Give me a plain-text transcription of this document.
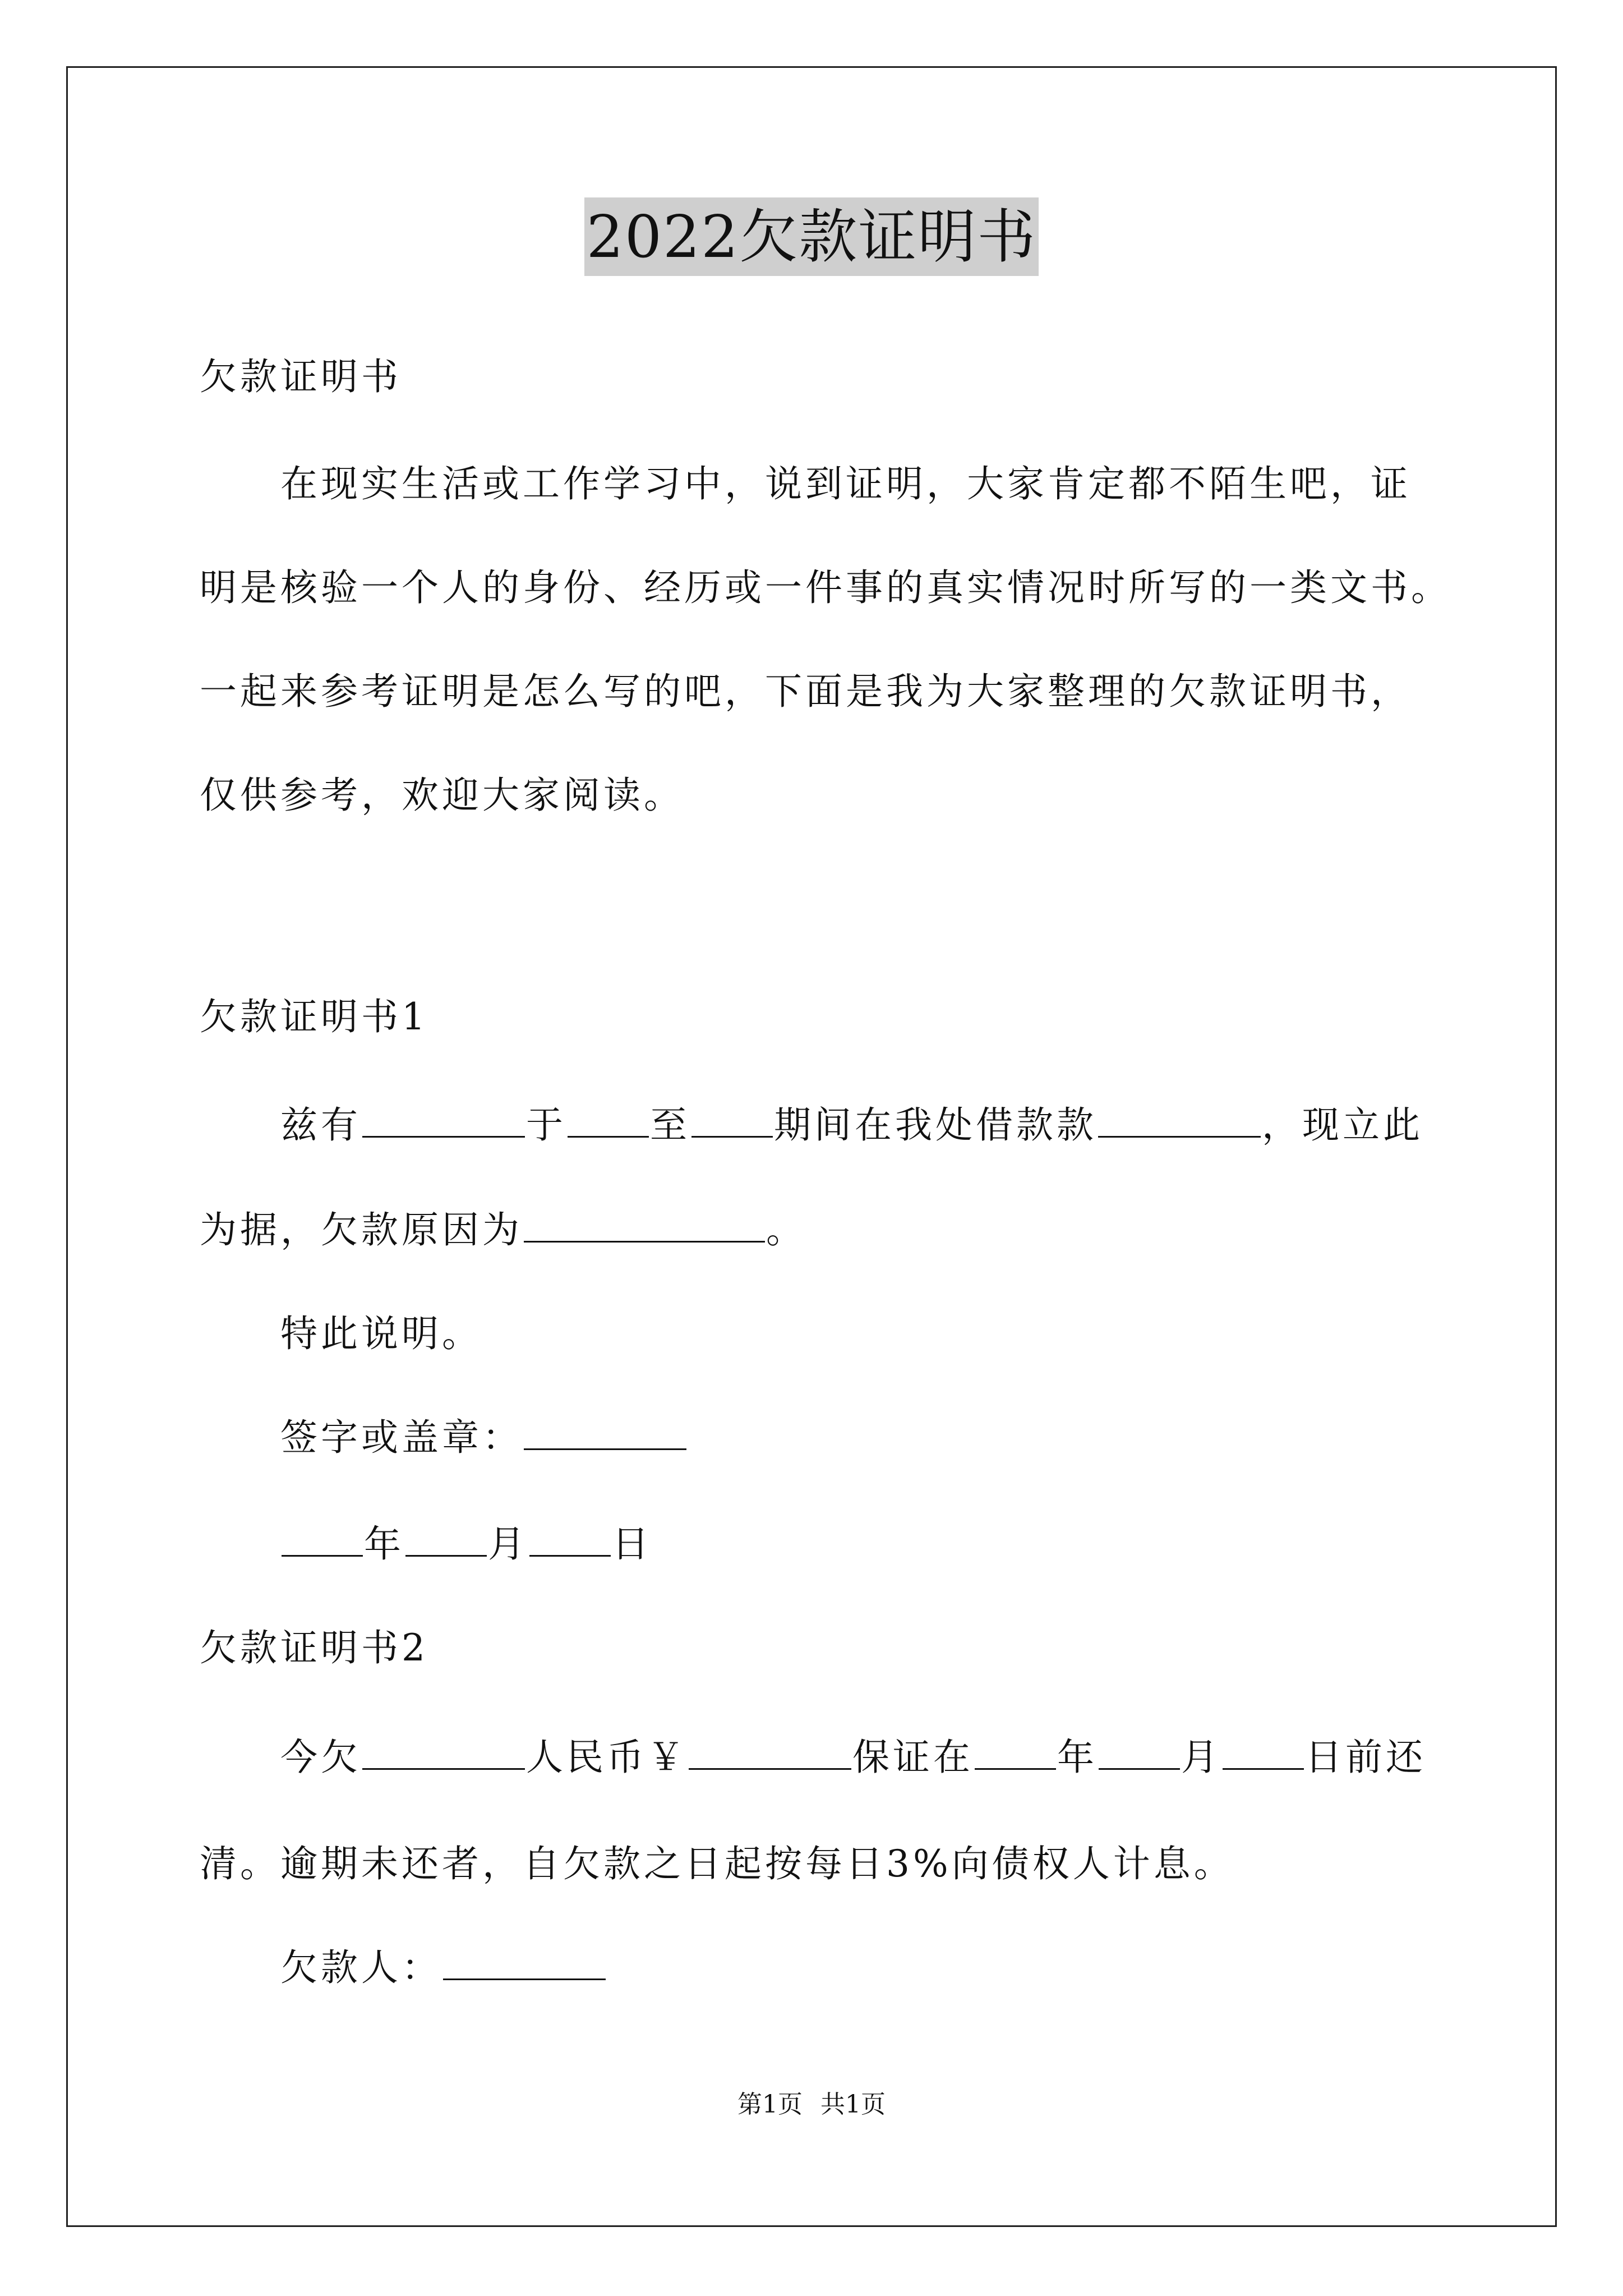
2022欠款证明书
欠款证明书
在现实生活或工作学习中，说到证明，大家肯定都不陌生吧，证
明是核验一个人的身份、经历或一件事的真实情况时所写的一类文书。
一起来参考证明是怎么写的吧，下面是我为大家整理的欠款证明书，
仅供参考，欢迎大家阅读。
欠款证明书1
兹有	于 至 期间在我处借款款	，现立此
为据，欠款原因为	。
特此说明。
签字或盖章：
年 月 日
欠款证明书2
今欠	人民币￥	保证在 年 月 日前还
清。逾期未还者，自欠款之日起按每日3%向债权人计息。
欠款人：
第1页 共1页
